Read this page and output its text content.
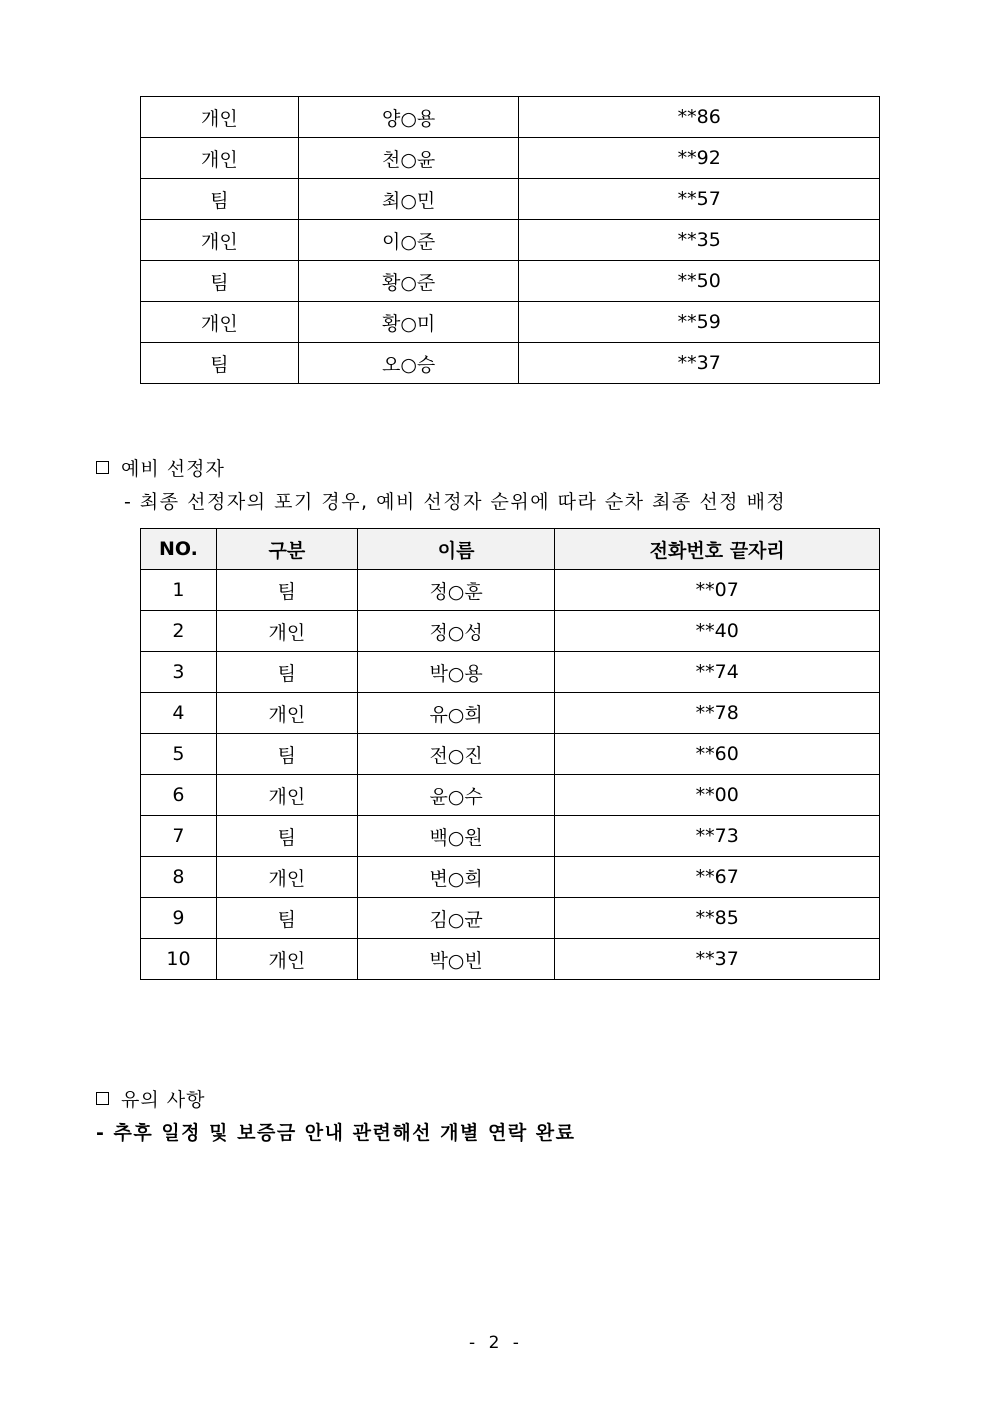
개인	양○용	**86
개인	천○윤	**92
팀	최○민	**57
개인	이○준	**35
팀	황○준	**50
개인	황○미	**59
팀	오○승	**37
예비 선정자
- 최종 선정자의 포기 경우, 예비 선정자 순위에 따라 순차 최종 선정 배정
NO.	구분	이름	전화번호 끝자리
1	팀	정○훈	**07
2	개인	정○성	**40
3	팀	박○용	**74
4	개인	유○희	**78
5	팀	전○진	**60
6	개인	윤○수	**00
7	팀	백○원	**73
8	개인	변○희	**67
9	팀	김○균	**85
10	개인	박○빈	**37
유의 사항
- 추후 일정 및 보증금 안내 관련해선 개별 연락 완료
- 2 -
